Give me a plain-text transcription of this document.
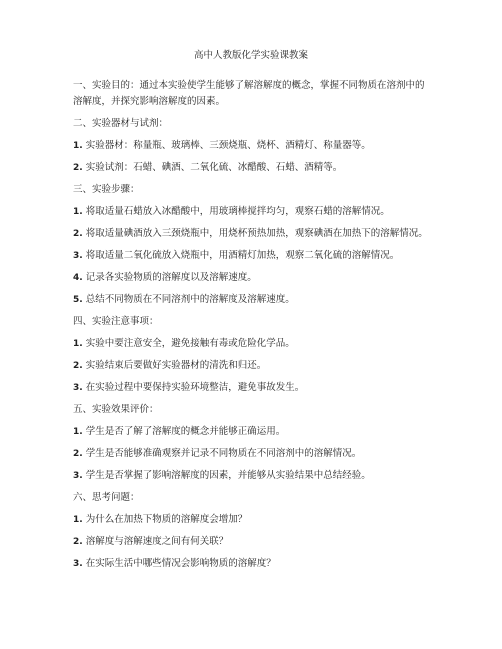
高中人教版化学实验课教案
一、实验目的：通过本实验使学生能够了解溶解度的概念，掌握不同物质在溶剂中的溶解度，并探究影响溶解度的因素。
二、实验器材与试剂：
1. 实验器材：称量瓶、玻璃棒、三颈烧瓶、烧杯、酒精灯、称量器等。
2. 实验试剂：石蜡、碘酒、二氧化硫、冰醋酸、石蜡、酒精等。
三、实验步骤：
1. 将取适量石蜡放入冰醋酸中，用玻璃棒搅拌均匀，观察石蜡的溶解情况。
2. 将取适量碘酒放入三颈烧瓶中，用烧杯预热加热，观察碘酒在加热下的溶解情况。
3. 将取适量二氧化硫放入烧瓶中，用酒精灯加热，观察二氧化硫的溶解情况。
4. 记录各实验物质的溶解度以及溶解速度。
5. 总结不同物质在不同溶剂中的溶解度及溶解速度。
四、实验注意事项：
1. 实验中要注意安全，避免接触有毒或危险化学品。
2. 实验结束后要做好实验器材的清洗和归还。
3. 在实验过程中要保持实验环境整洁，避免事故发生。
五、实验效果评价：
1. 学生是否了解了溶解度的概念并能够正确运用。
2. 学生是否能够准确观察并记录不同物质在不同溶剂中的溶解情况。
3. 学生是否掌握了影响溶解度的因素，并能够从实验结果中总结经验。
六、思考问题：
1. 为什么在加热下物质的溶解度会增加？
2. 溶解度与溶解速度之间有何关联？
3. 在实际生活中哪些情况会影响物质的溶解度？
